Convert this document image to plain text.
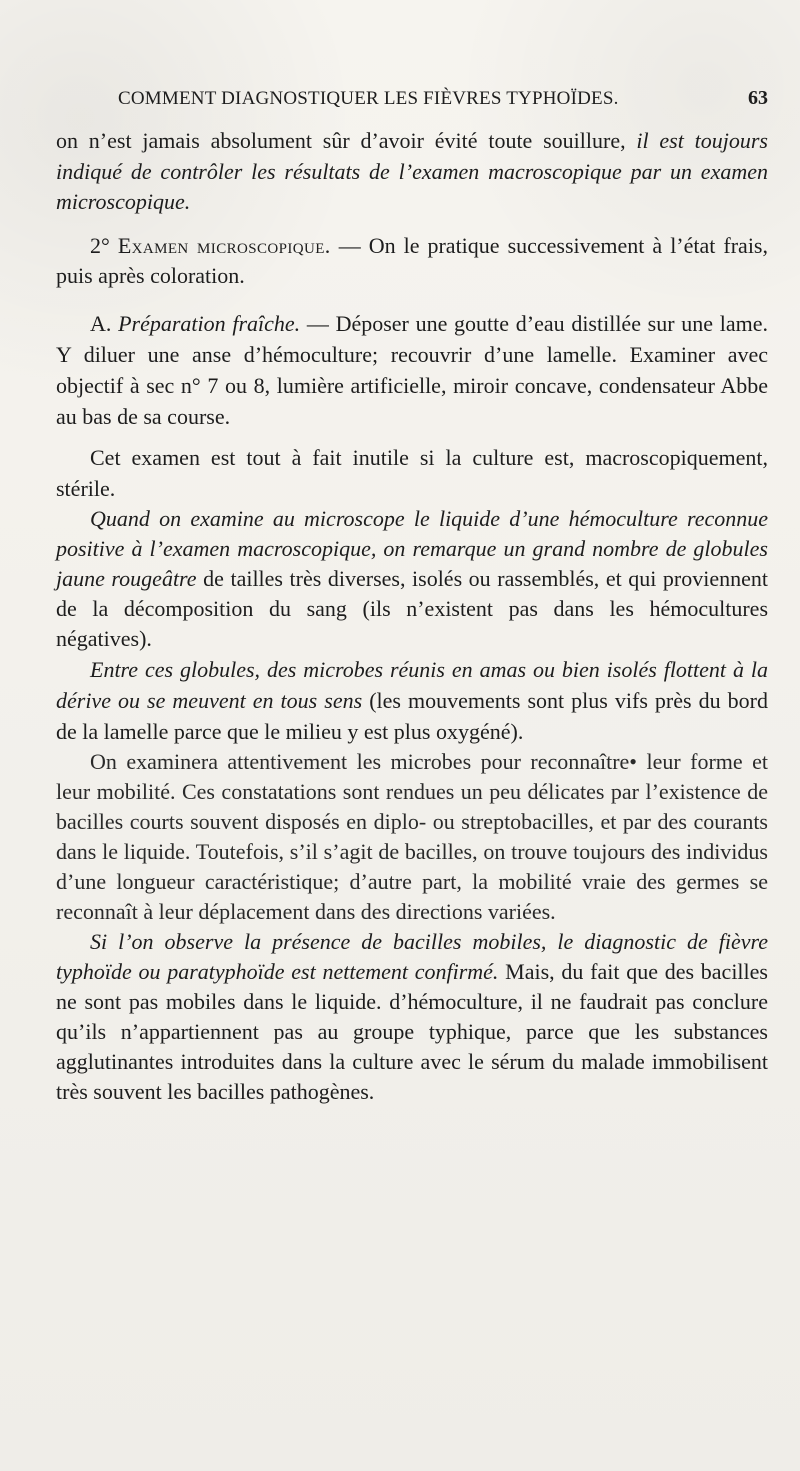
COMMENT DIAGNOSTIQUER LES FIÈVRES TYPHOÏDES.	63

on n’est jamais absolument sûr d’avoir évité toute souillure, il est toujours indiqué de contrôler les résultats de l’examen macroscopique par un examen microscopique.

2° Examen microscopique. — On le pratique successivement à l’état frais, puis après coloration.

A. Préparation fraîche. — Déposer une goutte d’eau distillée sur une lame. Y diluer une anse d’hémoculture; recouvrir d’une lamelle. Examiner avec objectif à sec n° 7 ou 8, lumière artificielle, miroir concave, condensateur Abbe au bas de sa course.

Cet examen est tout à fait inutile si la culture est, macroscopiquement, stérile.

Quand on examine au microscope le liquide d’une hémoculture reconnue positive à l’examen macroscopique, on remarque un grand nombre de globules jaune rougeâtre de tailles très diverses, isolés ou rassemblés, et qui proviennent de la décomposition du sang (ils n’existent pas dans les hémocultures négatives).

Entre ces globules, des microbes réunis en amas ou bien isolés flottent à la dérive ou se meuvent en tous sens (les mouvements sont plus vifs près du bord de la lamelle parce que le milieu y est plus oxygéné).

On examinera attentivement les microbes pour reconnaître• leur forme et leur mobilité. Ces constatations sont rendues un peu délicates par l’existence de bacilles courts souvent disposés en diplo- ou streptobacilles, et par des courants dans le liquide. Toutefois, s’il s’agit de bacilles, on trouve toujours des individus d’une longueur caractéristique; d’autre part, la mobilité vraie des germes se reconnaît à leur déplacement dans des directions variées.

Si l’on observe la présence de bacilles mobiles, le diagnostic de fièvre typhoïde ou paratyphoïde est nettement confirmé. Mais, du fait que des bacilles ne sont pas mobiles dans le liquide. d’hémoculture, il ne faudrait pas conclure qu’ils n’appartiennent pas au groupe typhique, parce que les substances agglutinantes introduites dans la culture avec le sérum du malade immobilisent très souvent les bacilles pathogènes.
